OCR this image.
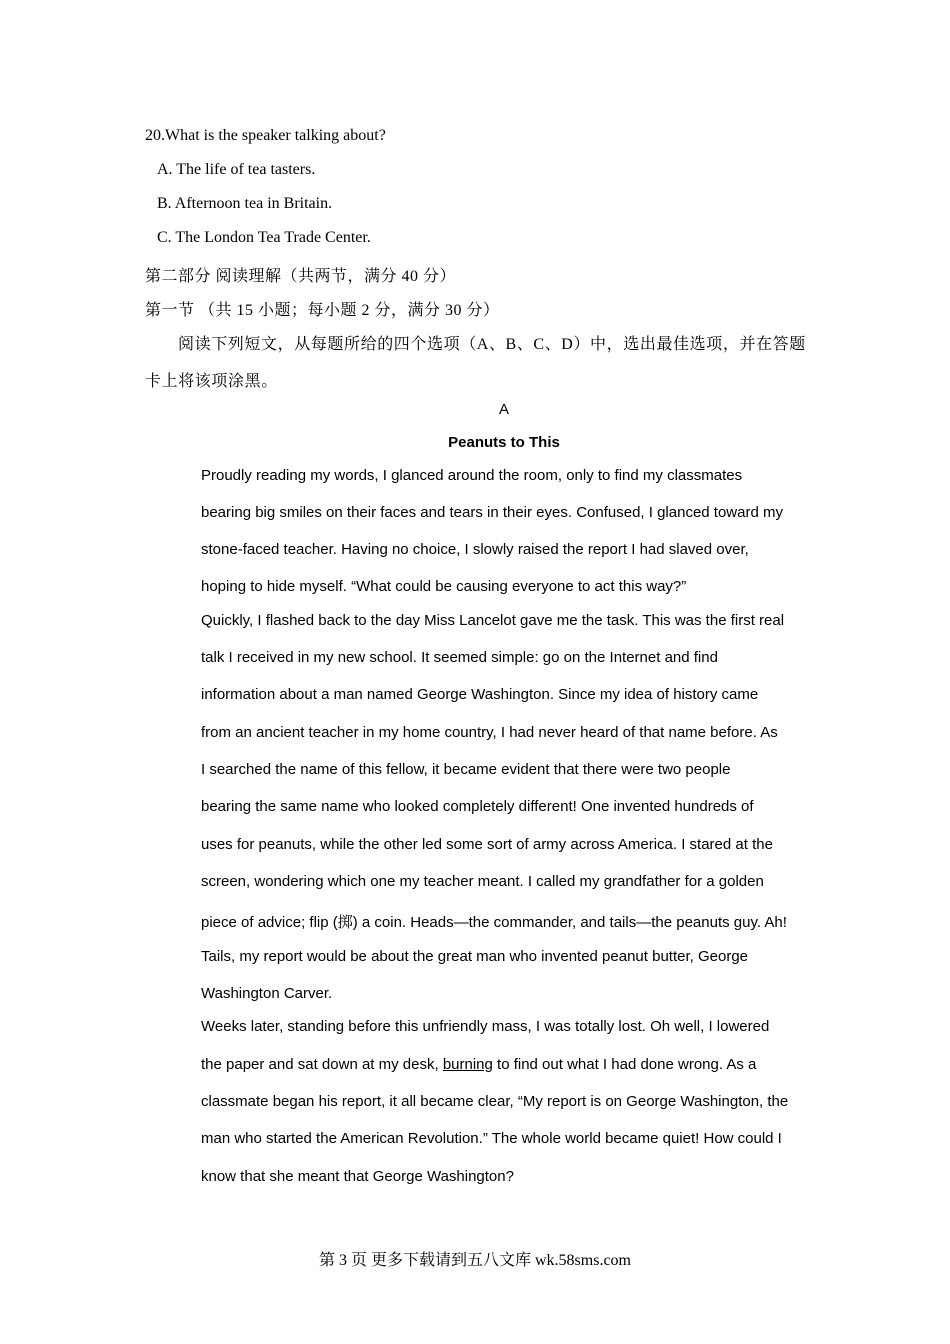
20.What is the speaker talking about?
A. The life of tea tasters.
B. Afternoon tea in Britain.
C. The London Tea Trade Center.
第二部分 阅读理解（共两节，满分 40 分）
第一节 （共 15 小题；每小题 2 分，满分 30 分）
阅读下列短文，从每题所给的四个选项（A、B、C、D）中，选出最佳选项，并在答题
卡上将该项涂黑。
A
Peanuts to This
Proudly reading my words, I glanced around the room, only to find my classmates
bearing big smiles on their faces and tears in their eyes. Confused, I glanced toward my
stone-faced teacher. Having no choice, I slowly raised the report I had slaved over,
hoping to hide myself. “What could be causing everyone to act this way?”
Quickly, I flashed back to the day Miss Lancelot gave me the task. This was the first real
talk I received in my new school. It seemed simple: go on the Internet and find
information about a man named George Washington. Since my idea of history came
from an ancient teacher in my home country, I had never heard of that name before. As
I searched the name of this fellow, it became evident that there were two people
bearing the same name who looked completely different! One invented hundreds of
uses for peanuts, while the other led some sort of army across America. I stared at the
screen, wondering which one my teacher meant. I called my grandfather for a golden
piece of advice; flip (掷) a coin. Heads—the commander, and tails—the peanuts guy. Ah!
Tails, my report would be about the great man who invented peanut butter, George
Washington Carver.
Weeks later, standing before this unfriendly mass, I was totally lost. Oh well, I lowered
the paper and sat down at my desk, burning to find out what I had done wrong. As a
classmate began his report, it all became clear, “My report is on George Washington, the
man who started the American Revolution.” The whole world became quiet! How could I
know that she meant that George Washington?
第 3 页 更多下载请到五八文库 wk.58sms.com
